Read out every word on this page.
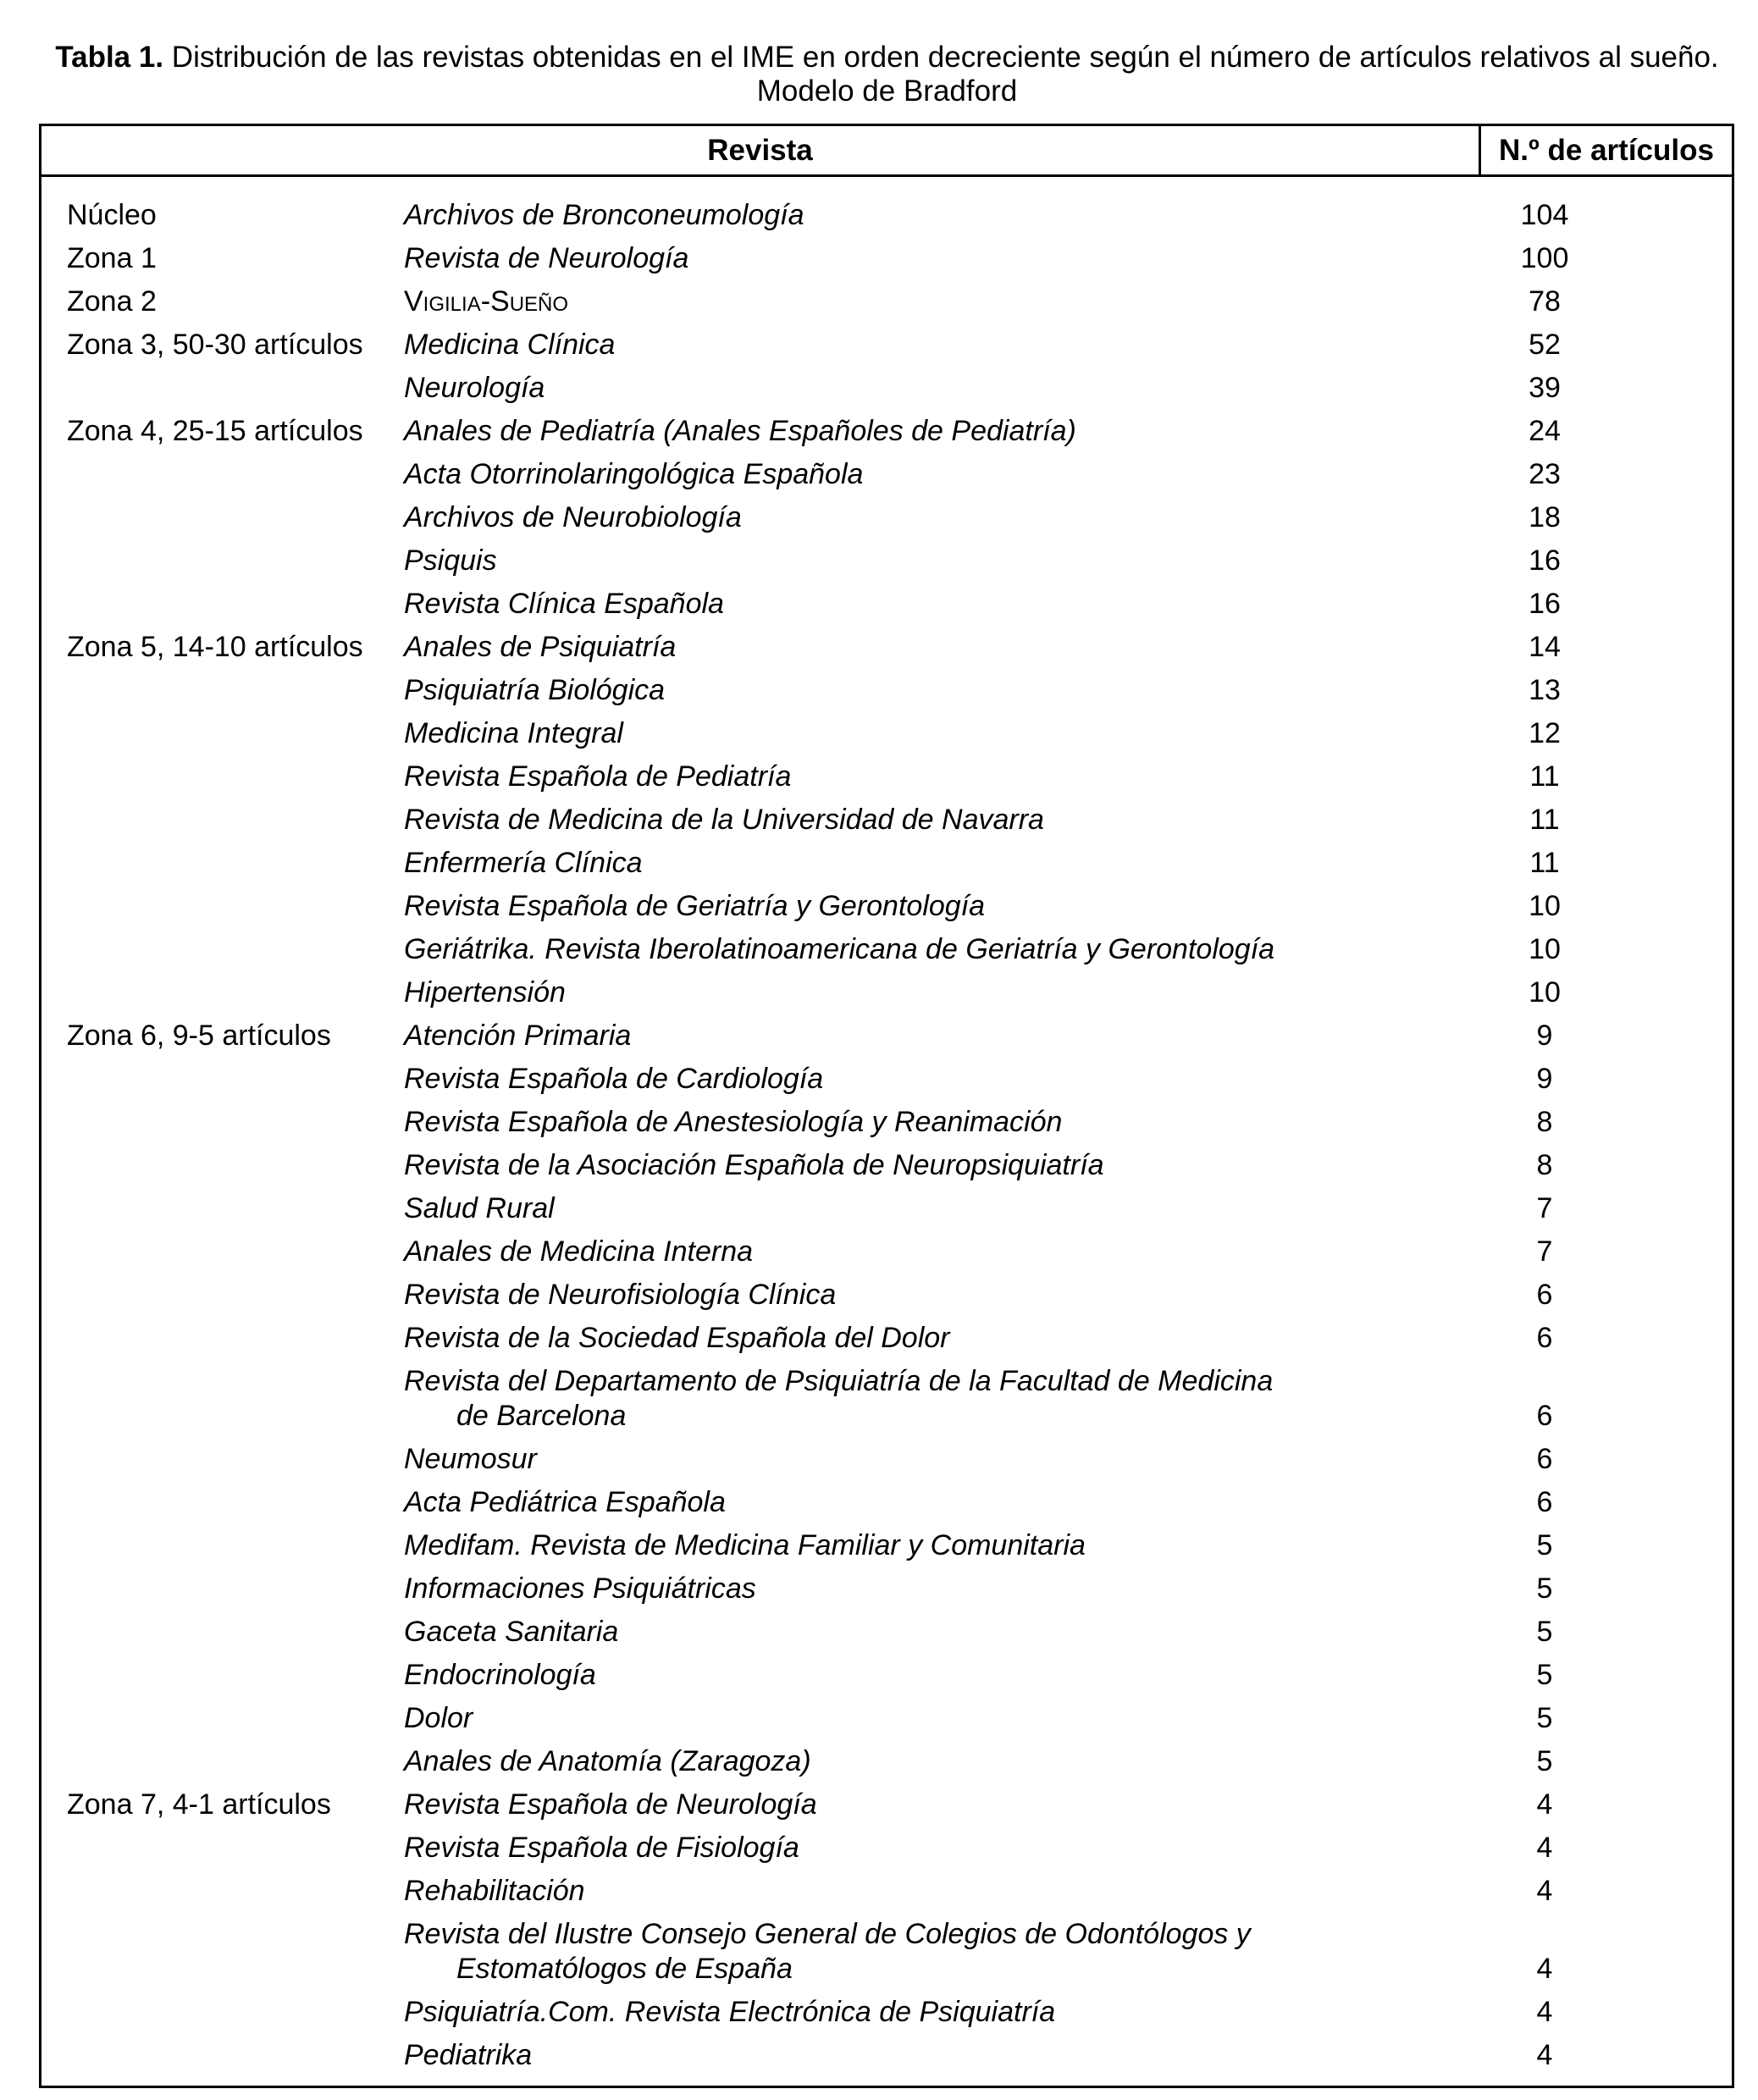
Tabla 1. Distribución de las revistas obtenidas en el IME en orden decreciente según el número de artículos relativos al sueño. Modelo de Bradford
Revista	N.º de artículos
Núcleo	Archivos de Bronconeumología	104
Zona 1	Revista de Neurología	100
Zona 2	Vigilia-Sueño	78
Zona 3, 50-30 artículos	Medicina Clínica	52
Neurología	39
Zona 4, 25-15 artículos	Anales de Pediatría (Anales Españoles de Pediatría)	24
Acta Otorrinolaringológica Española	23
Archivos de Neurobiología	18
Psiquis	16
Revista Clínica Española	16
Zona 5, 14-10 artículos	Anales de Psiquiatría	14
Psiquiatría Biológica	13
Medicina Integral	12
Revista Española de Pediatría	11
Revista de Medicina de la Universidad de Navarra	11
Enfermería Clínica	11
Revista Española de Geriatría y Gerontología	10
Geriátrika. Revista Iberolatinoamericana de Geriatría y Gerontología	10
Hipertensión	10
Zona 6, 9-5 artículos	Atención Primaria	9
Revista Española de Cardiología	9
Revista Española de Anestesiología y Reanimación	8
Revista de la Asociación Española de Neuropsiquiatría	8
Salud Rural	7
Anales de Medicina Interna	7
Revista de Neurofisiología Clínica	6
Revista de la Sociedad Española del Dolor	6
Revista del Departamento de Psiquiatría de la Facultad de Medicina de Barcelona	6
Neumosur	6
Acta Pediátrica Española	6
Medifam. Revista de Medicina Familiar y Comunitaria	5
Informaciones Psiquiátricas	5
Gaceta Sanitaria	5
Endocrinología	5
Dolor	5
Anales de Anatomía (Zaragoza)	5
Zona 7, 4-1 artículos	Revista Española de Neurología	4
Revista Española de Fisiología	4
Rehabilitación	4
Revista del Ilustre Consejo General de Colegios de Odontólogos y Estomatólogos de España	4
Psiquiatría.Com. Revista Electrónica de Psiquiatría	4
Pediatrika	4
